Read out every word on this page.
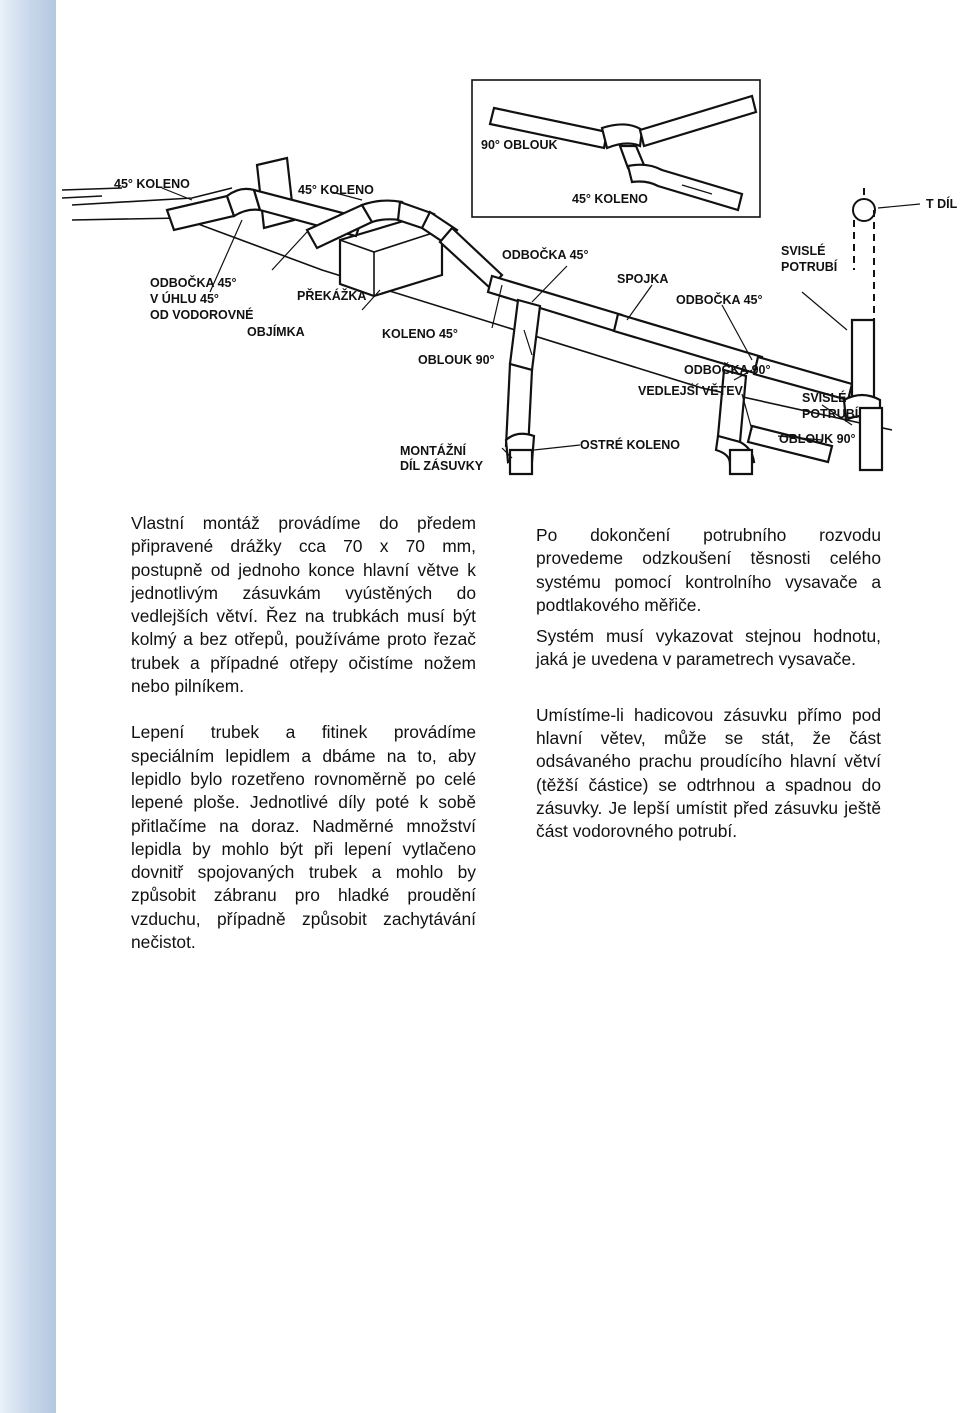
45° KOLENO	45° KOLENO
90° OBLOUK
45° KOLENO	T DÍL
ODBOČKA 45°
V ÚHLU 45°
OD VODOROVNÉ
PŘEKÁŽKA
OBJÍMKA	KOLENO 45°
OBLOUK 90°
ODBOČKA 45°
SPOJKA
ODBOČKA 45°
SVISLÉ
POTRUBÍ
ODBOČKA 90°
VEDLEJŠÍ VĚTEV	SVISLÉ
POTRUBÍ
MONTÁŽNÍ
DÍL ZÁSUVKY
OSTRÉ KOLENO	OBLOUK 90°

Vlastní montáž provádíme do předem připravené drážky cca 70 x 70 mm, postupně od jednoho konce hlavní větve k jednotlivým zásuvkám vyústěných do vedlejších větví. Řez na trubkách musí být kolmý a bez otřepů, používáme proto řezač trubek a případné otřepy očistíme nožem nebo pilníkem.

Lepení trubek a fitinek provádíme speciálním lepidlem a dbáme na to, aby lepidlo bylo rozetřeno rovnoměrně po celé lepené ploše. Jednotlivé díly poté k sobě přitlačíme na doraz. Nadměrné množství lepidla by mohlo být při lepení vytlačeno dovnitř spojovaných trubek a mohlo by způsobit zábranu pro hladké proudění vzduchu, případně způsobit zachytávání nečistot.

Po dokončení potrubního rozvodu provedeme odzkoušení těsnosti celého systému pomocí kontrolního vysavače a podtlakového měřiče.

Systém musí vykazovat stejnou hodnotu, jaká je uvedena v parametrech vysavače.

Umístíme-li hadicovou zásuvku přímo pod hlavní větev, může se stát, že část odsávaného prachu proudícího hlavní větví (těžší částice) se odtrhnou a spadnou do zásuvky. Je lepší umístit před zásuvku ještě část vodorovného potrubí.
